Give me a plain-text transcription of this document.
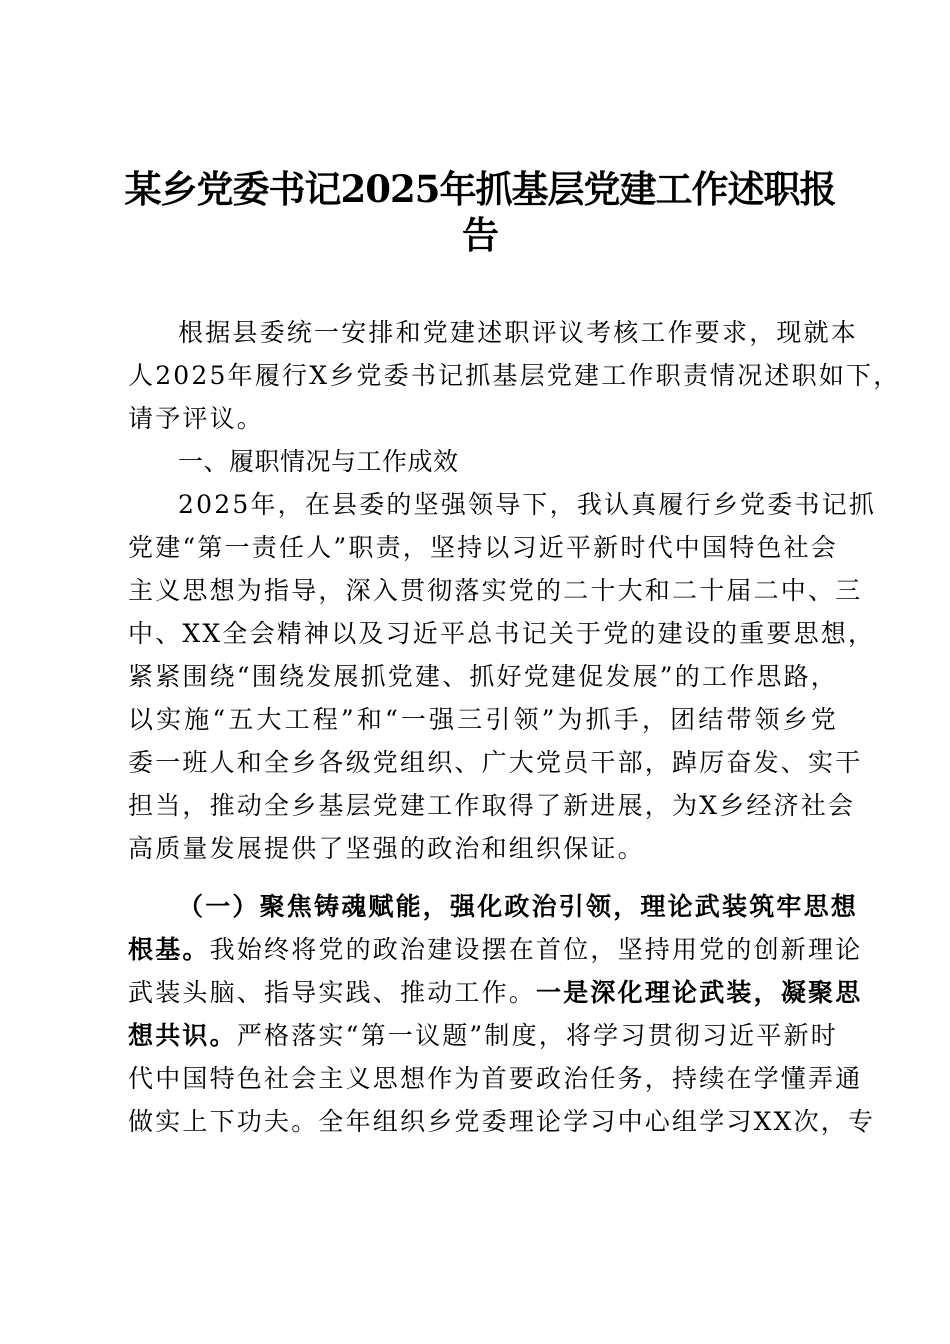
某乡党委书记2025年抓基层党建工作述职报
告
根据县委统一安排和党建述职评议考核工作要求，现就本
人2025年履行X乡党委书记抓基层党建工作职责情况述职如下，
请予评议。
一、履职情况与工作成效
2025年，在县委的坚强领导下，我认真履行乡党委书记抓
党建“第一责任人”职责，坚持以习近平新时代中国特色社会
主义思想为指导，深入贯彻落实党的二十大和二十届二中、三
中、XX全会精神以及习近平总书记关于党的建设的重要思想，
紧紧围绕“围绕发展抓党建、抓好党建促发展”的工作思路，
以实施“五大工程”和“一强三引领”为抓手，团结带领乡党
委一班人和全乡各级党组织、广大党员干部，踔厉奋发、实干
担当，推动全乡基层党建工作取得了新进展，为X乡经济社会
高质量发展提供了坚强的政治和组织保证。
（一）聚焦铸魂赋能，强化政治引领，理论武装筑牢思想
根基。我始终将党的政治建设摆在首位，坚持用党的创新理论
武装头脑、指导实践、推动工作。一是深化理论武装，凝聚思
想共识。严格落实“第一议题”制度，将学习贯彻习近平新时
代中国特色社会主义思想作为首要政治任务，持续在学懂弄通
做实上下功夫。全年组织乡党委理论学习中心组学习XX次，专
